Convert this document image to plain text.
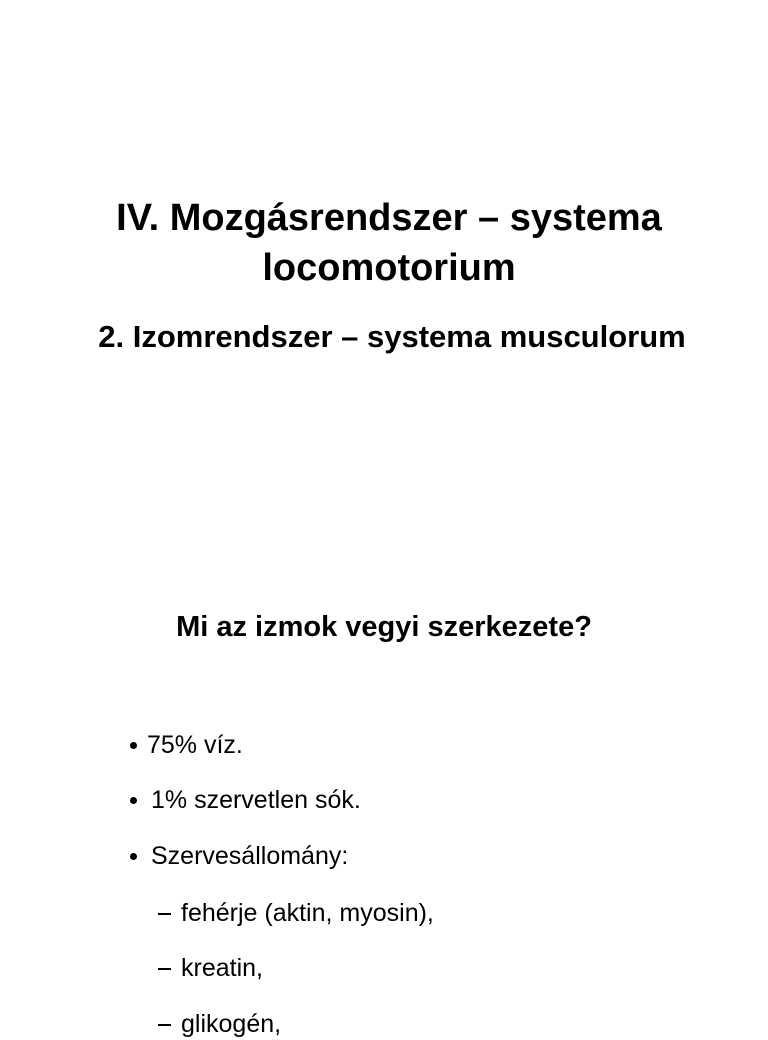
IV. Mozgásrendszer – systema
locomotorium
2. Izomrendszer – systema musculorum
Mi az izmok vegyi szerkezete?
75% víz.
1% szervetlen sók.
Szervesállomány:
fehérje (aktin, myosin),
kreatin,
glikogén,
